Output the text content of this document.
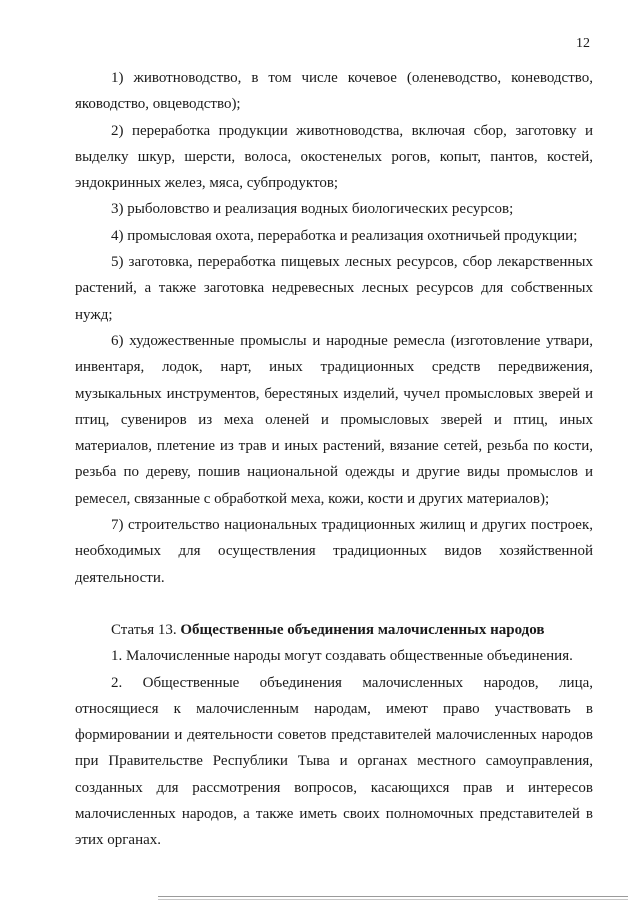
12

1) животноводство, в том числе кочевое (оленеводство, коневодство, яководство, овцеводство);

2) переработка продукции животноводства, включая сбор, заготовку и выделку шкур, шерсти, волоса, окостенелых рогов, копыт, пантов, костей, эндокринных желез, мяса, субпродуктов;

3) рыболовство и реализация водных биологических ресурсов;

4) промысловая охота, переработка и реализация охотничьей продукции;

5) заготовка, переработка пищевых лесных ресурсов, сбор лекарственных растений, а также заготовка недревесных лесных ресурсов для собственных нужд;

6) художественные промыслы и народные ремесла (изготовление утвари, инвентаря, лодок, нарт, иных традиционных средств передвижения, музыкальных инструментов, берестяных изделий, чучел промысловых зверей и птиц, сувениров из меха оленей и промысловых зверей и птиц, иных материалов, плетение из трав и иных растений, вязание сетей, резьба по кости, резьба по дереву, пошив национальной одежды и другие виды промыслов и ремесел, связанные с обработкой меха, кожи, кости и других материалов);

7) строительство национальных традиционных жилищ и других построек, необходимых для осуществления традиционных видов хозяйственной деятельности.

Статья 13. Общественные объединения малочисленных народов

1. Малочисленные народы могут создавать общественные объединения.

2. Общественные объединения малочисленных народов, лица, относящиеся к малочисленным народам, имеют право участвовать в формировании и деятельности советов представителей малочисленных народов при Правительстве Республики Тыва и органах местного самоуправления, созданных для рассмотрения вопросов, касающихся прав и интересов малочисленных народов, а также иметь своих полномочных представителей в этих органах.
